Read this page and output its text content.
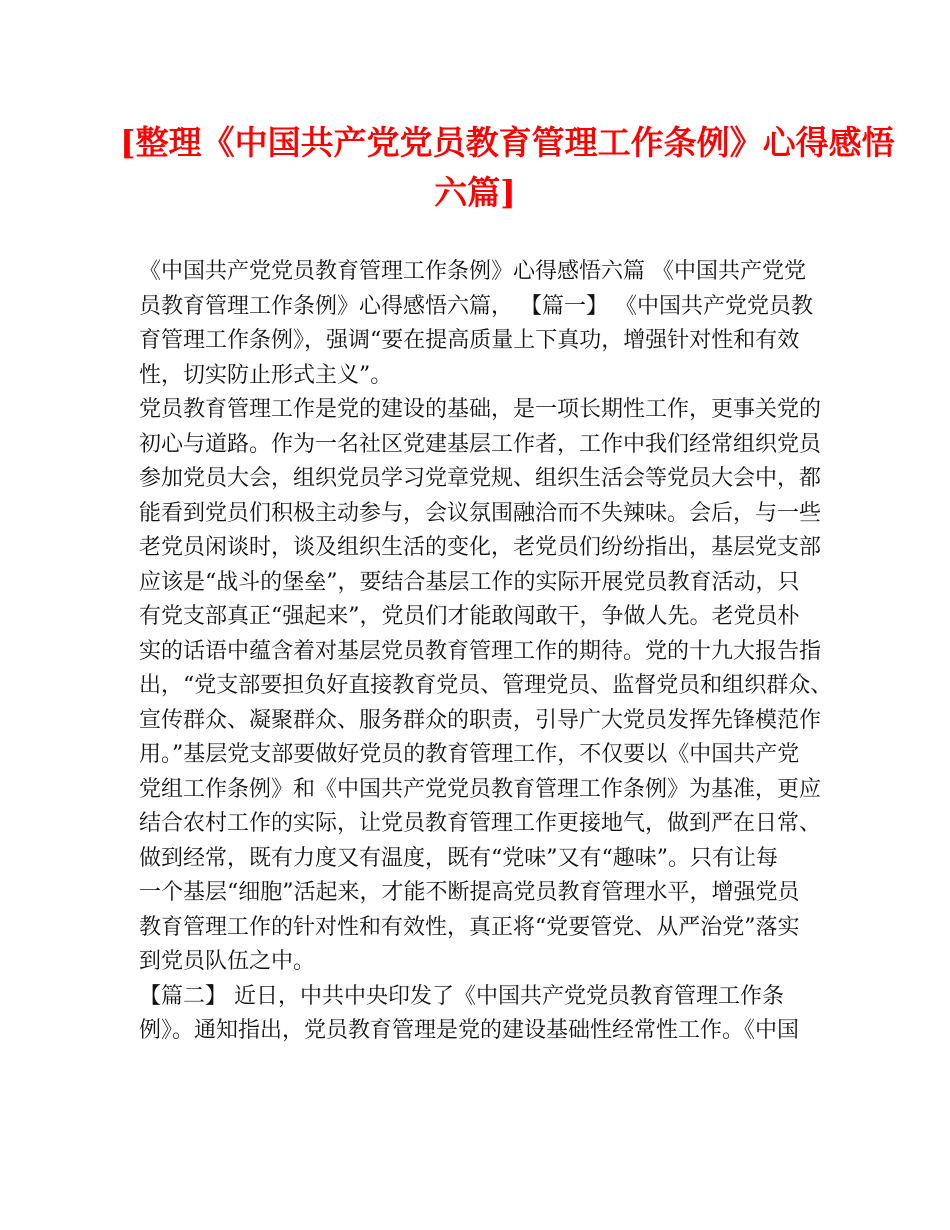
[整理《中国共产党党员教育管理工作条例》心得感悟
六篇]
《中国共产党党员教育管理工作条例》心得感悟六篇 《中国共产党党
员教育管理工作条例》心得感悟六篇， 【篇一】 《中国共产党党员教
育管理工作条例》，强调“要在提高质量上下真功，增强针对性和有效
性，切实防止形式主义”。
党员教育管理工作是党的建设的基础，是一项长期性工作，更事关党的
初心与道路。作为一名社区党建基层工作者，工作中我们经常组织党员
参加党员大会，组织党员学习党章党规、组织生活会等党员大会中，都
能看到党员们积极主动参与，会议氛围融洽而不失辣味。会后，与一些
老党员闲谈时，谈及组织生活的变化，老党员们纷纷指出，基层党支部
应该是“战斗的堡垒”，要结合基层工作的实际开展党员教育活动，只
有党支部真正“强起来”，党员们才能敢闯敢干，争做人先。老党员朴
实的话语中蕴含着对基层党员教育管理工作的期待。党的十九大报告指
出，“党支部要担负好直接教育党员、管理党员、监督党员和组织群众、
宣传群众、凝聚群众、服务群众的职责，引导广大党员发挥先锋模范作
用。”基层党支部要做好党员的教育管理工作，不仅要以《中国共产党
党组工作条例》和《中国共产党党员教育管理工作条例》为基准，更应
结合农村工作的实际，让党员教育管理工作更接地气，做到严在日常、
做到经常，既有力度又有温度，既有“党味”又有“趣味”。只有让每
一个基层“细胞”活起来，才能不断提高党员教育管理水平，增强党员
教育管理工作的针对性和有效性，真正将“党要管党、从严治党”落实
到党员队伍之中。
【篇二】 近日，中共中央印发了《中国共产党党员教育管理工作条
例》。通知指出，党员教育管理是党的建设基础性经常性工作。《中国
